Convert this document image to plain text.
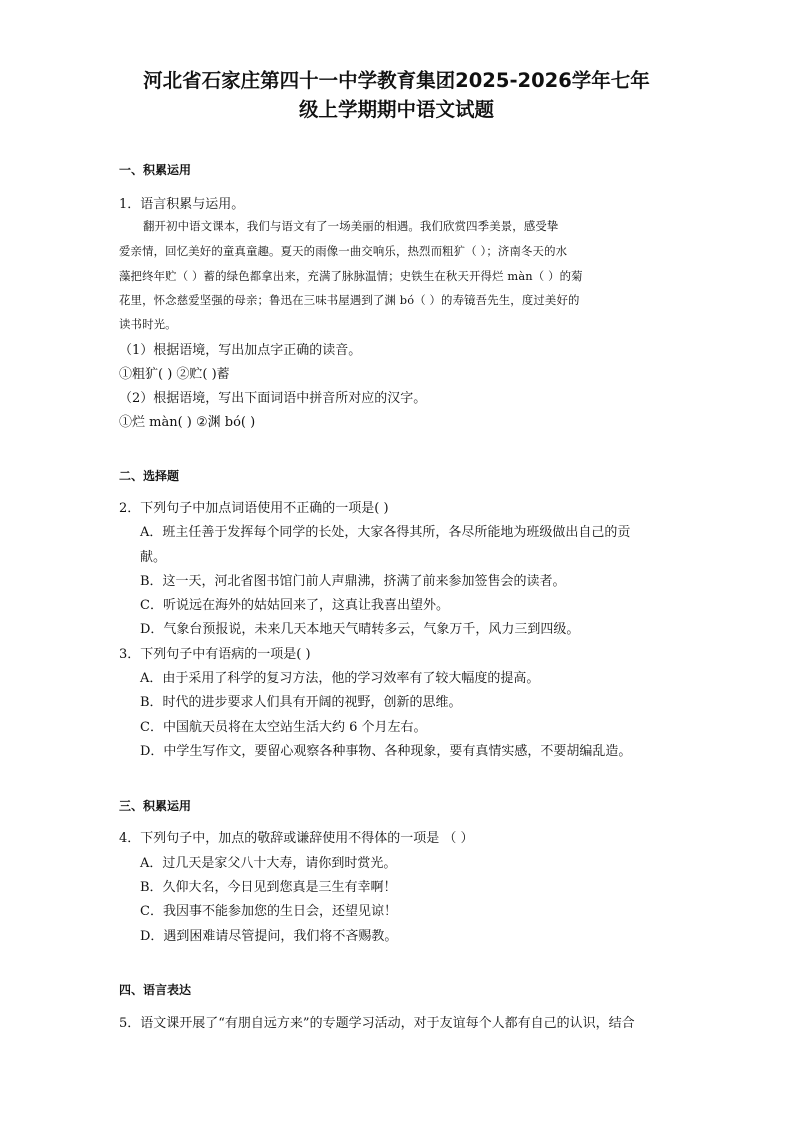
河北省石家庄第四十一中学教育集团2025-2026学年七年
级上学期期中语文试题
一、积累运用
1．语言积累与运用。
翻开初中语文课本，我们与语文有了一场美丽的相遇。我们欣赏四季美景，感受挚
爱亲情，回忆美好的童真童趣。夏天的雨像一曲交响乐，热烈而粗犷（ ）；济南冬天的水
藻把终年贮（ ）蓄的绿色都拿出来，充满了脉脉温情；史铁生在秋天开得烂 màn（ ）的菊
花里，怀念慈爱坚强的母亲；鲁迅在三味书屋遇到了渊 bó（ ）的寿镜吾先生，度过美好的
读书时光。
（1）根据语境，写出加点字正确的读音。
①粗犷( ) ②贮( )蓄
（2）根据语境，写出下面词语中拼音所对应的汉字。
①烂 màn( ) ②渊 bó( )
二、选择题
2．下列句子中加点词语使用不正确的一项是( )
A．班主任善于发挥每个同学的长处，大家各得其所，各尽所能地为班级做出自己的贡
献。
B．这一天，河北省图书馆门前人声鼎沸，挤满了前来参加签售会的读者。
C．听说远在海外的姑姑回来了，这真让我喜出望外。
D．气象台预报说，未来几天本地天气晴转多云，气象万千，风力三到四级。
3．下列句子中有语病的一项是( )
A．由于采用了科学的复习方法，他的学习效率有了较大幅度的提高。
B．时代的进步要求人们具有开阔的视野，创新的思维。
C．中国航天员将在太空站生活大约 6 个月左右。
D．中学生写作文，要留心观察各种事物、各种现象，要有真情实感，不要胡编乱造。
三、积累运用
4．下列句子中，加点的敬辞或谦辞使用不得体的一项是 （ ）
A．过几天是家父八十大寿，请你到时赏光。
B．久仰大名，今日见到您真是三生有幸啊！
C．我因事不能参加您的生日会，还望见谅！
D．遇到困难请尽管提问，我们将不吝赐教。
四、语言表达
5．语文课开展了“有朋自远方来”的专题学习活动，对于友谊每个人都有自己的认识，结合
